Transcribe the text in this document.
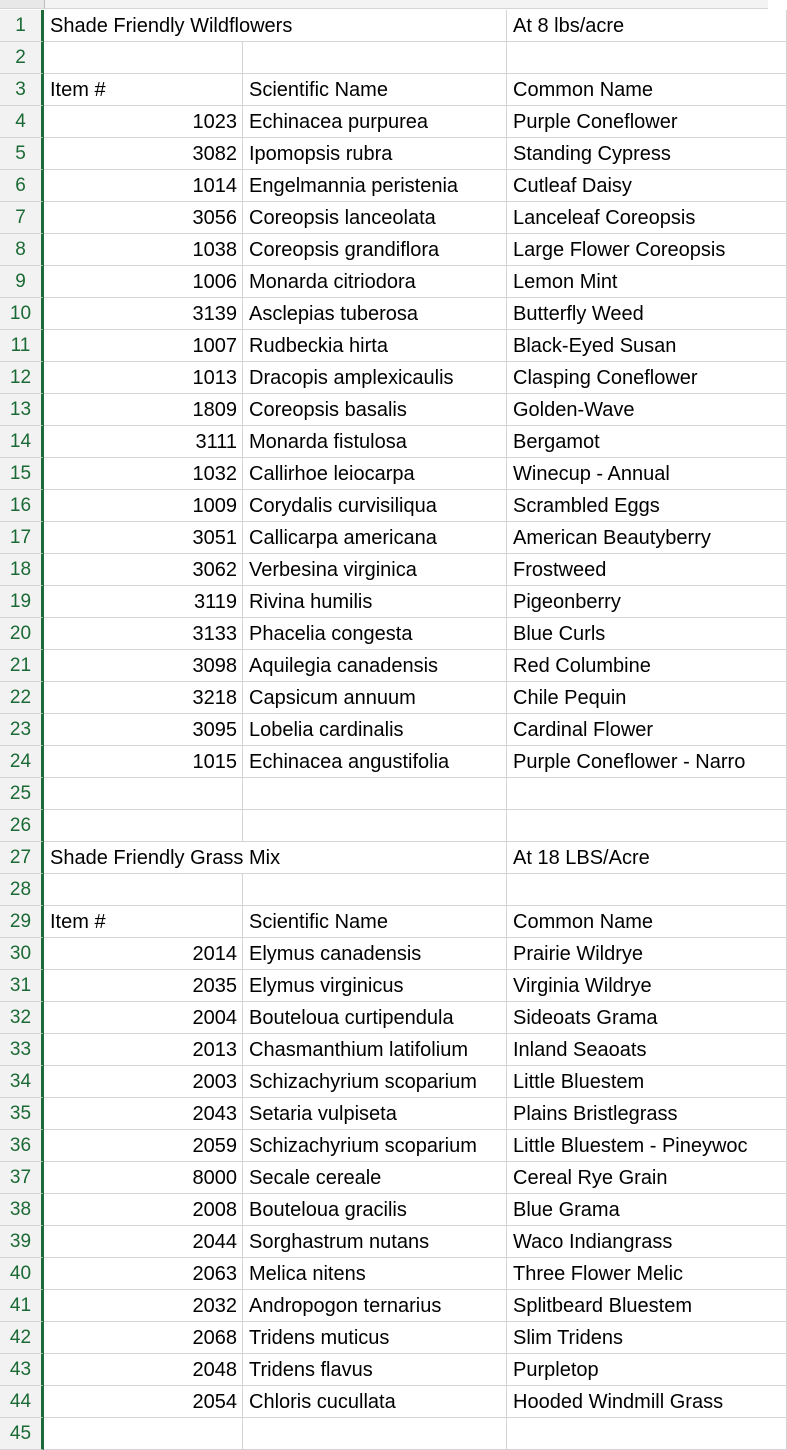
1	Shade Friendly Wildflowers	At 8 lbs/acre
2
3	Item #	Scientific Name	Common Name
4	1023 Echinacea purpurea	Purple Coneflower
5	3082 Ipomopsis rubra	Standing Cypress
6	1014 Engelmannia peristenia	Cutleaf Daisy
7	3056 Coreopsis lanceolata	Lanceleaf Coreopsis
8	1038 Coreopsis grandiflora	Large Flower Coreopsis
9	1006 Monarda citriodora	Lemon Mint
10	3139 Asclepias tuberosa	Butterfly Weed
11	1007 Rudbeckia hirta	Black-Eyed Susan
12	1013 Dracopis amplexicaulis	Clasping Coneflower
13	1809 Coreopsis basalis	Golden-Wave
14	3111 Monarda fistulosa	Bergamot
15	1032 Callirhoe leiocarpa	Winecup - Annual
16	1009 Corydalis curvisiliqua	Scrambled Eggs
17	3051 Callicarpa americana	American Beautyberry
18	3062 Verbesina virginica	Frostweed
19	3119 Rivina humilis	Pigeonberry
20	3133 Phacelia congesta	Blue Curls
21	3098 Aquilegia canadensis	Red Columbine
22	3218 Capsicum annuum	Chile Pequin
23	3095 Lobelia cardinalis	Cardinal Flower
24	1015 Echinacea angustifolia	Purple Coneflower - Narro
25
26
27 Shade Friendly Grass Mix	At 18 LBS/Acre
28
29 Item #	Scientific Name	Common Name
30	2014 Elymus canadensis	Prairie Wildrye
31	2035 Elymus virginicus	Virginia Wildrye
32	2004 Bouteloua curtipendula	Sideoats Grama
33	2013 Chasmanthium latifolium	Inland Seaoats
34	2003 Schizachyrium scoparium	Little Bluestem
35	2043 Setaria vulpiseta	Plains Bristlegrass
36	2059 Schizachyrium scoparium	Little Bluestem - Pineywoc
37	8000 Secale cereale	Cereal Rye Grain
38	2008 Bouteloua gracilis	Blue Grama
39	2044 Sorghastrum nutans	Waco Indiangrass
40	2063 Melica nitens	Three Flower Melic
41	2032 Andropogon ternarius	Splitbeard Bluestem
42	2068 Tridens muticus	Slim Tridens
43	2048 Tridens flavus	Purpletop
44	2054 Chloris cucullata	Hooded Windmill Grass
45
